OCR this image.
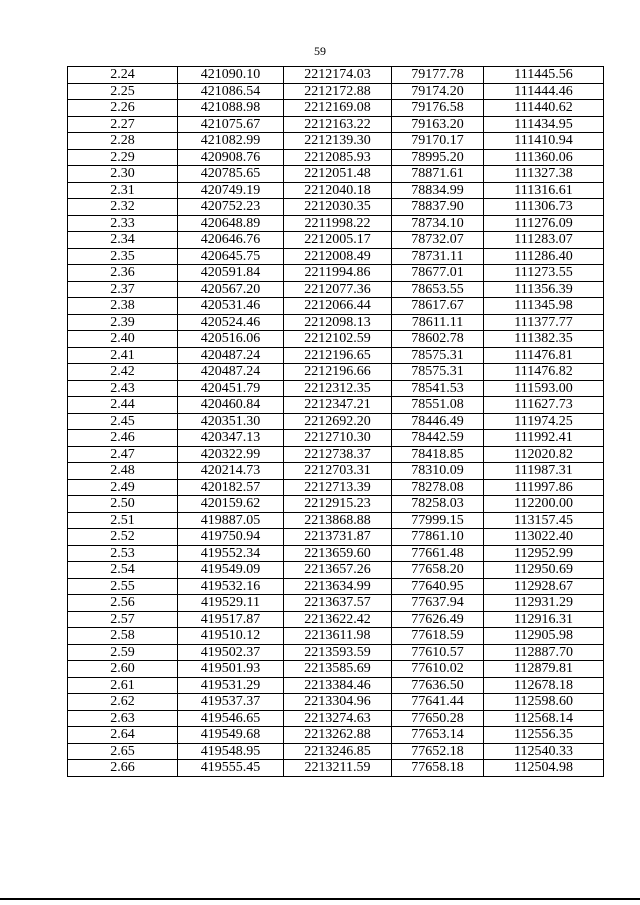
59
2.24	421090.10	2212174.03	79177.78	111445.56
2.25	421086.54	2212172.88	79174.20	111444.46
2.26	421088.98	2212169.08	79176.58	111440.62
2.27	421075.67	2212163.22	79163.20	111434.95
2.28	421082.99	2212139.30	79170.17	111410.94
2.29	420908.76	2212085.93	78995.20	111360.06
2.30	420785.65	2212051.48	78871.61	111327.38
2.31	420749.19	2212040.18	78834.99	111316.61
2.32	420752.23	2212030.35	78837.90	111306.73
2.33	420648.89	2211998.22	78734.10	111276.09
2.34	420646.76	2212005.17	78732.07	111283.07
2.35	420645.75	2212008.49	78731.11	111286.40
2.36	420591.84	2211994.86	78677.01	111273.55
2.37	420567.20	2212077.36	78653.55	111356.39
2.38	420531.46	2212066.44	78617.67	111345.98
2.39	420524.46	2212098.13	78611.11	111377.77
2.40	420516.06	2212102.59	78602.78	111382.35
2.41	420487.24	2212196.65	78575.31	111476.81
2.42	420487.24	2212196.66	78575.31	111476.82
2.43	420451.79	2212312.35	78541.53	111593.00
2.44	420460.84	2212347.21	78551.08	111627.73
2.45	420351.30	2212692.20	78446.49	111974.25
2.46	420347.13	2212710.30	78442.59	111992.41
2.47	420322.99	2212738.37	78418.85	112020.82
2.48	420214.73	2212703.31	78310.09	111987.31
2.49	420182.57	2212713.39	78278.08	111997.86
2.50	420159.62	2212915.23	78258.03	112200.00
2.51	419887.05	2213868.88	77999.15	113157.45
2.52	419750.94	2213731.87	77861.10	113022.40
2.53	419552.34	2213659.60	77661.48	112952.99
2.54	419549.09	2213657.26	77658.20	112950.69
2.55	419532.16	2213634.99	77640.95	112928.67
2.56	419529.11	2213637.57	77637.94	112931.29
2.57	419517.87	2213622.42	77626.49	112916.31
2.58	419510.12	2213611.98	77618.59	112905.98
2.59	419502.37	2213593.59	77610.57	112887.70
2.60	419501.93	2213585.69	77610.02	112879.81
2.61	419531.29	2213384.46	77636.50	112678.18
2.62	419537.37	2213304.96	77641.44	112598.60
2.63	419546.65	2213274.63	77650.28	112568.14
2.64	419549.68	2213262.88	77653.14	112556.35
2.65	419548.95	2213246.85	77652.18	112540.33
2.66	419555.45	2213211.59	77658.18	112504.98
